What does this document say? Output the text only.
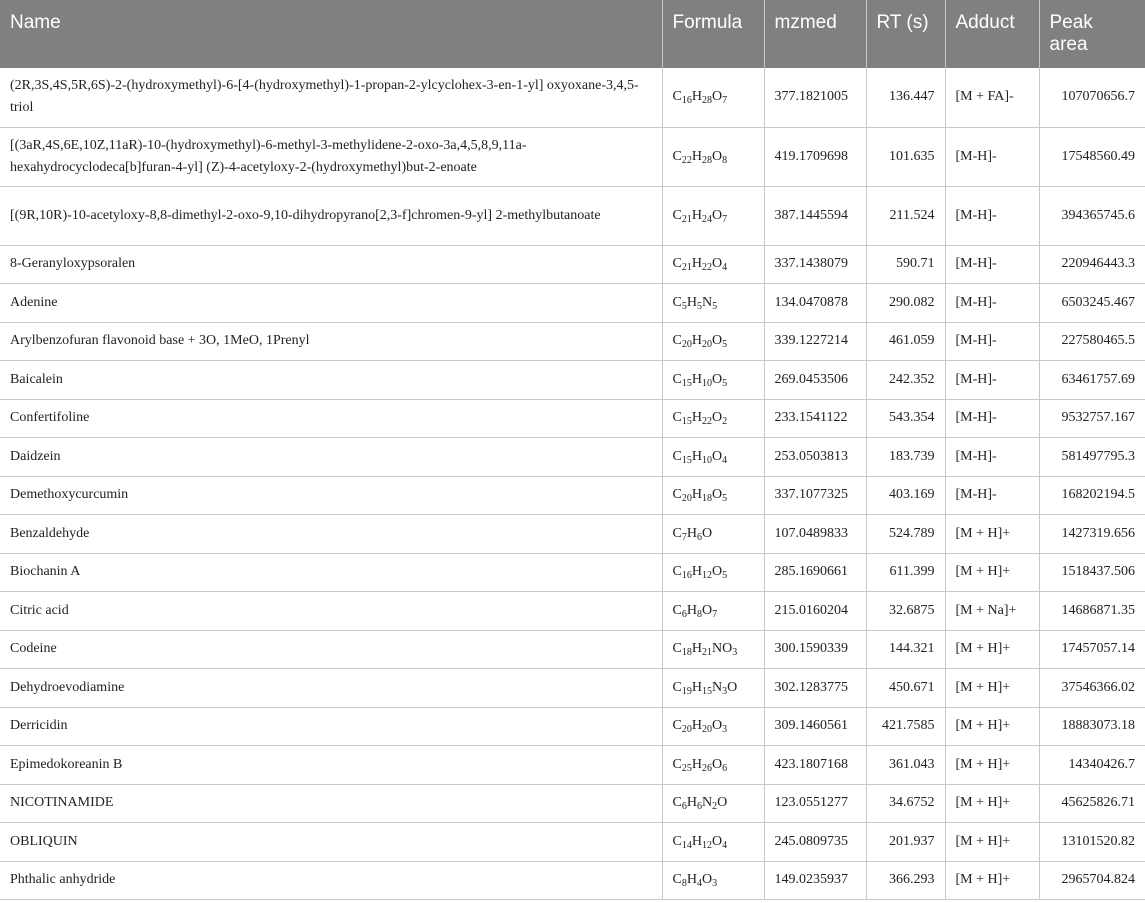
Name	Formula	mzmed	RT (s)	Adduct	Peak area
(2R,3S,4S,5R,6S)-2-(hydroxymethyl)-6-[4-(hydroxymethyl)-1-propan-2-ylcyclohex-3-en-1-yl] oxyoxane-3,4,5-triol	$C_{16}H_{28}O_7$	377.1821005	136.447	[M + FA]-	107070656.7
[(3aR,4S,6E,10Z,11aR)-10-(hydroxymethyl)-6-methyl-3-methylidene-2-oxo-3a,4,5,8,9,11a-hexahydrocyclodeca[b]furan-4-yl] (Z)-4-acetyloxy-2-(hydroxymethyl)but-2-enoate	$C_{22}H_{28}O_8$	419.1709698	101.635	[M-H]-	17548560.49
[(9R,10R)-10-acetyloxy-8,8-dimethyl-2-oxo-9,10-dihydropyrano[2,3-f]chromen-9-yl] 2-methylbutanoate	$C_{21}H_{24}O_7$	387.1445594	211.524	[M-H]-	394365745.6
8-Geranyloxypsoralen	$C_{21}H_{22}O_4$	337.1438079	590.71	[M-H]-	220946443.3
Adenine	$C_5H_5N_5$	134.0470878	290.082	[M-H]-	6503245.467
Arylbenzofuran flavonoid base + 3O, 1MeO, 1Prenyl	$C_{20}H_{20}O_5$	339.1227214	461.059	[M-H]-	227580465.5
Baicalein	$C_{15}H_{10}O_5$	269.0453506	242.352	[M-H]-	63461757.69
Confertifoline	$C_{15}H_{22}O_2$	233.1541122	543.354	[M-H]-	9532757.167
Daidzein	$C_{15}H_{10}O_4$	253.0503813	183.739	[M-H]-	581497795.3
Demethoxycurcumin	$C_{20}H_{18}O_5$	337.1077325	403.169	[M-H]-	168202194.5
Benzaldehyde	$C_7H_6O$	107.0489833	524.789	[M + H]+	1427319.656
Biochanin A	$C_{16}H_{12}O_5$	285.1690661	611.399	[M + H]+	1518437.506
Citric acid	$C_6H_8O_7$	215.0160204	32.6875	[M + Na]+	14686871.35
Codeine	$C_{18}H_{21}NO_3$	300.1590339	144.321	[M + H]+	17457057.14
Dehydroevodiamine	$C_{19}H_{15}N_3O$	302.1283775	450.671	[M + H]+	37546366.02
Derricidin	$C_{20}H_{20}O_3$	309.1460561	421.7585	[M + H]+	18883073.18
Epimedokoreanin B	$C_{25}H_{26}O_6$	423.1807168	361.043	[M + H]+	14340426.7
NICOTINAMIDE	$C_6H_6N_2O$	123.0551277	34.6752	[M + H]+	45625826.71
OBLIQUIN	$C_{14}H_{12}O_4$	245.0809735	201.937	[M + H]+	13101520.82
Phthalic anhydride	$C_8H_4O_3$	149.0235937	366.293	[M + H]+	2965704.824
